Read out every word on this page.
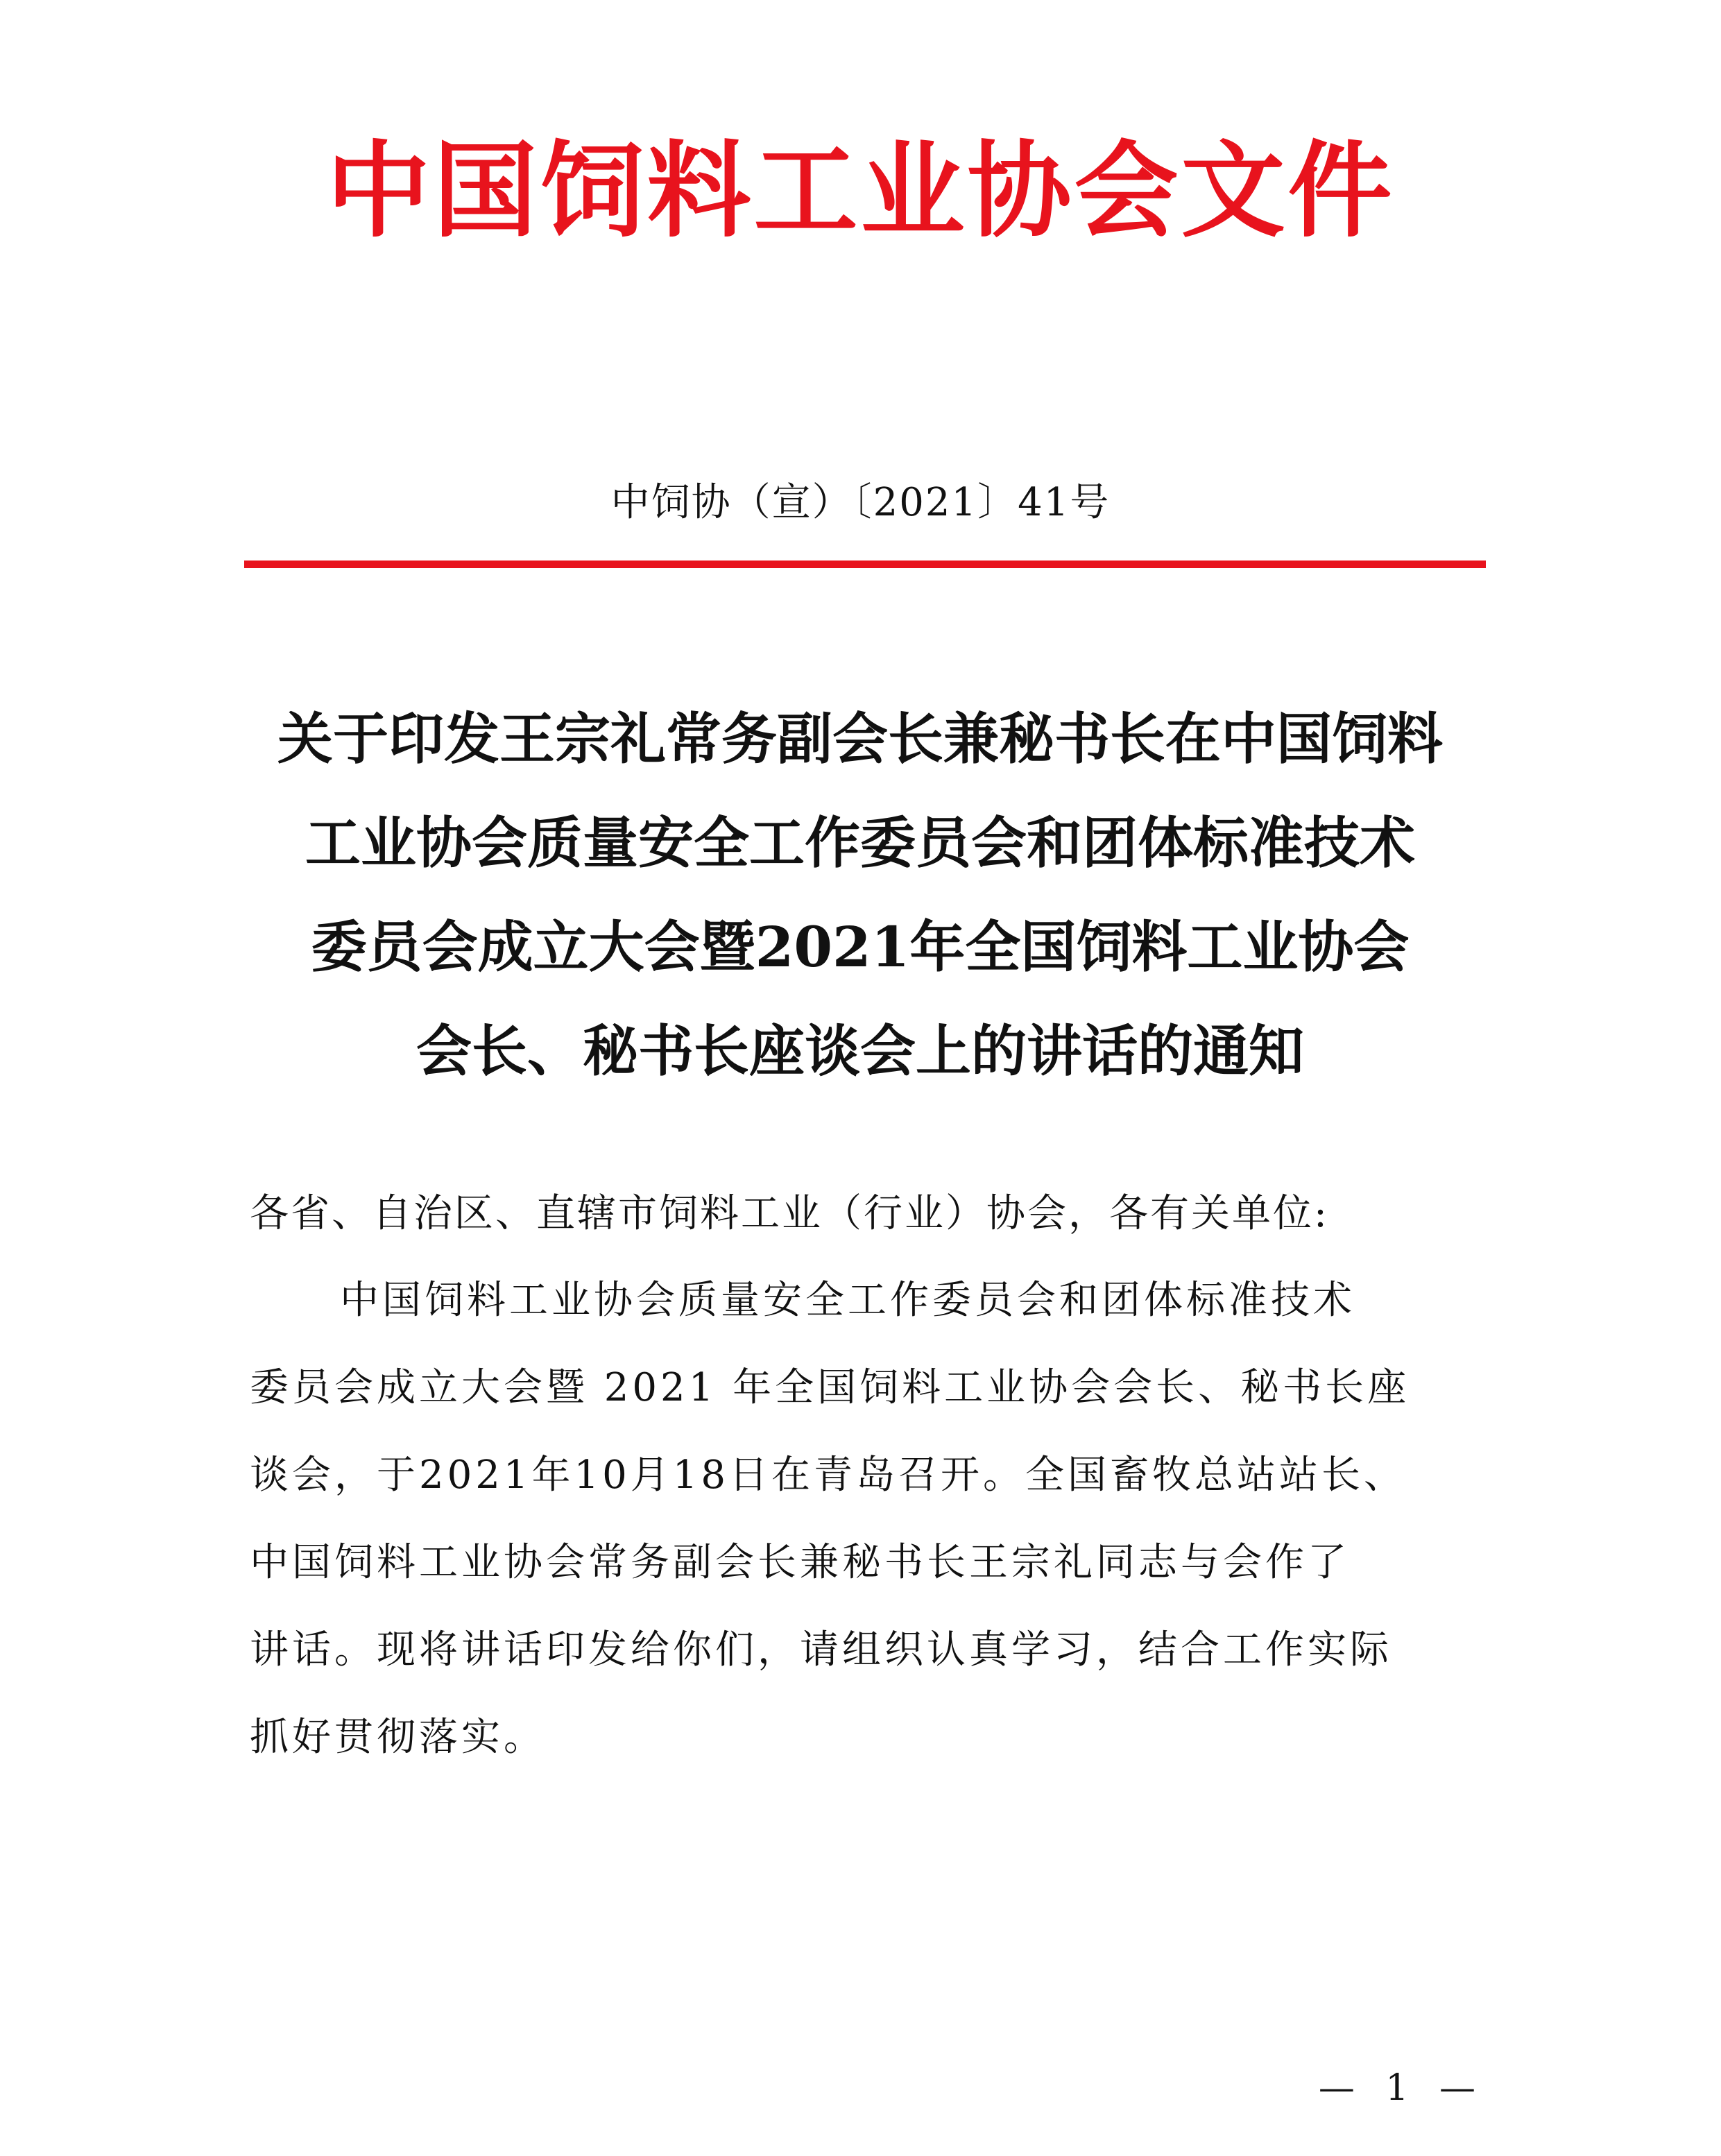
中国饲料工业协会文件
中饲协（宣）〔2021〕41号
关于印发王宗礼常务副会长兼秘书长在中国饲料
工业协会质量安全工作委员会和团体标准技术
委员会成立大会暨2021年全国饲料工业协会
会长、秘书长座谈会上的讲话的通知
各省、自治区、直辖市饲料工业（行业）协会，各有关单位:
中国饲料工业协会质量安全工作委员会和团体标准技术
委员会成立大会暨 2021 年全国饲料工业协会会长、秘书长座
谈会，于2021年10月18日在青岛召开。全国畜牧总站站长、
中国饲料工业协会常务副会长兼秘书长王宗礼同志与会作了
讲话。现将讲话印发给你们，请组织认真学习，结合工作实际
抓好贯彻落实。
— 1 —
